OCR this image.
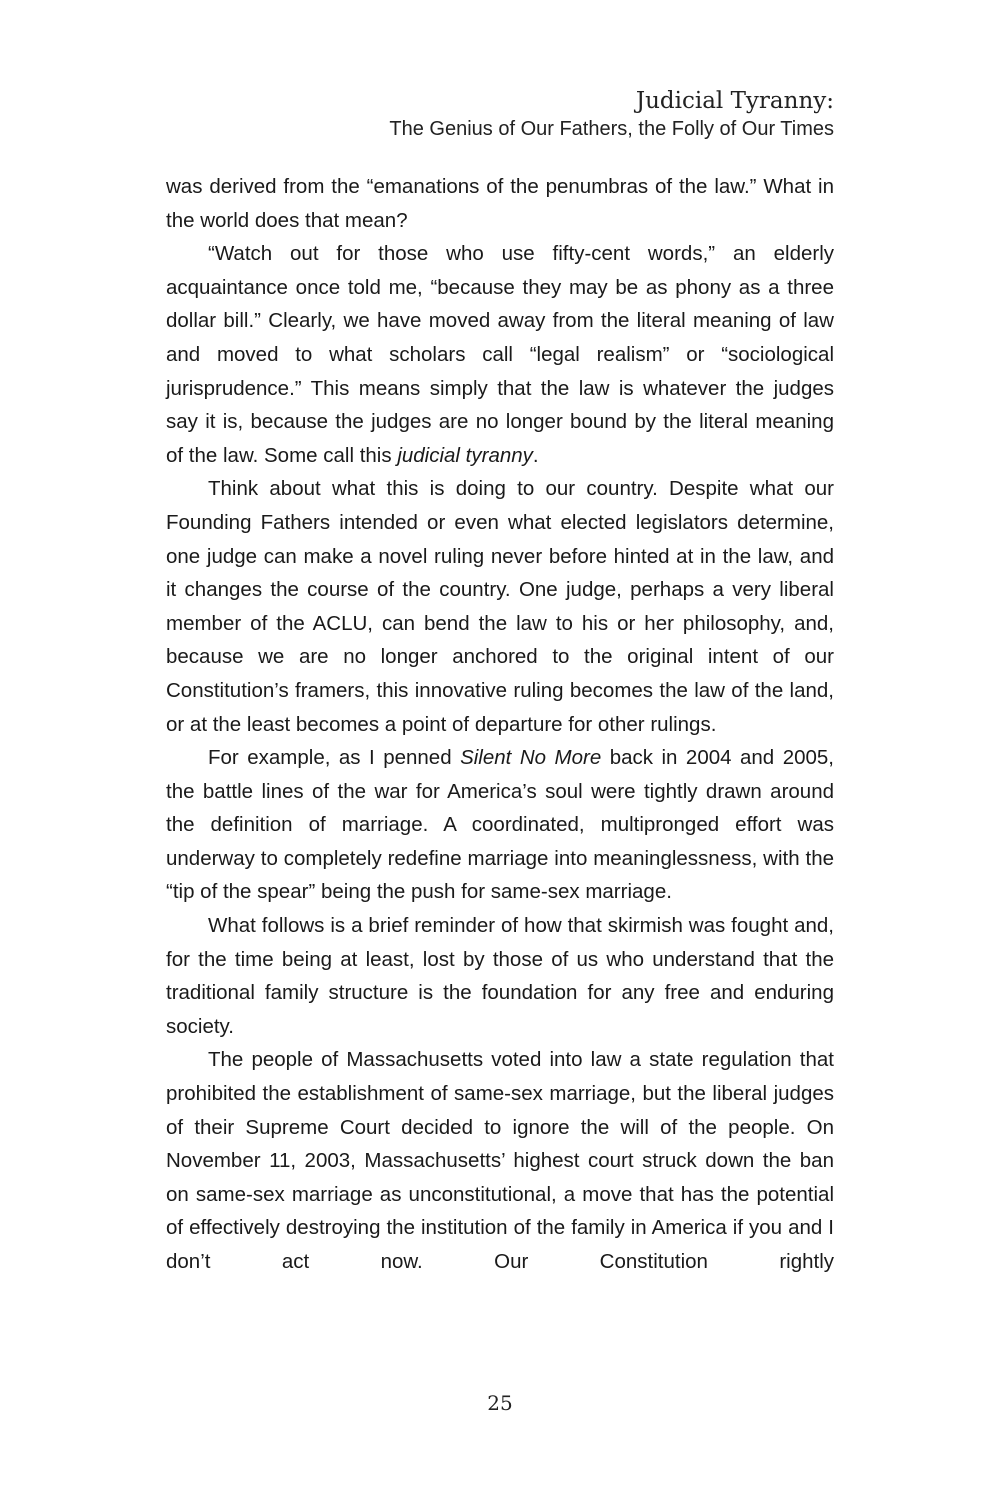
Judicial Tyranny:
The Genius of Our Fathers, the Folly of Our Times

was derived from the “emanations of the penumbras of the law.” What in the world does that mean?

“Watch out for those who use fifty-cent words,” an elderly acquaintance once told me, “because they may be as phony as a three dollar bill.” Clearly, we have moved away from the literal meaning of law and moved to what scholars call “legal realism” or “sociological jurisprudence.” This means simply that the law is whatever the judges say it is, because the judges are no longer bound by the literal meaning of the law. Some call this judicial tyranny.

Think about what this is doing to our country. Despite what our Founding Fathers intended or even what elected legislators determine, one judge can make a novel ruling never before hinted at in the law, and it changes the course of the country. One judge, perhaps a very liberal member of the ACLU, can bend the law to his or her philosophy, and, because we are no longer anchored to the original intent of our Constitution’s framers, this innovative ruling becomes the law of the land, or at the least becomes a point of departure for other rulings.

For example, as I penned Silent No More back in 2004 and 2005, the battle lines of the war for America’s soul were tightly drawn around the definition of marriage. A coordinated, multipronged effort was underway to completely redefine marriage into meaninglessness, with the “tip of the spear” being the push for same-sex marriage.

What follows is a brief reminder of how that skirmish was fought and, for the time being at least, lost by those of us who understand that the traditional family structure is the foundation for any free and enduring society.

The people of Massachusetts voted into law a state regulation that prohibited the establishment of same-sex marriage, but the liberal judges of their Supreme Court decided to ignore the will of the people. On November 11, 2003, Massachusetts’ highest court struck down the ban on same-sex marriage as unconstitutional, a move that has the potential of effectively destroying the institution of the family in America if you and I don’t act now. Our Constitution rightly

25
